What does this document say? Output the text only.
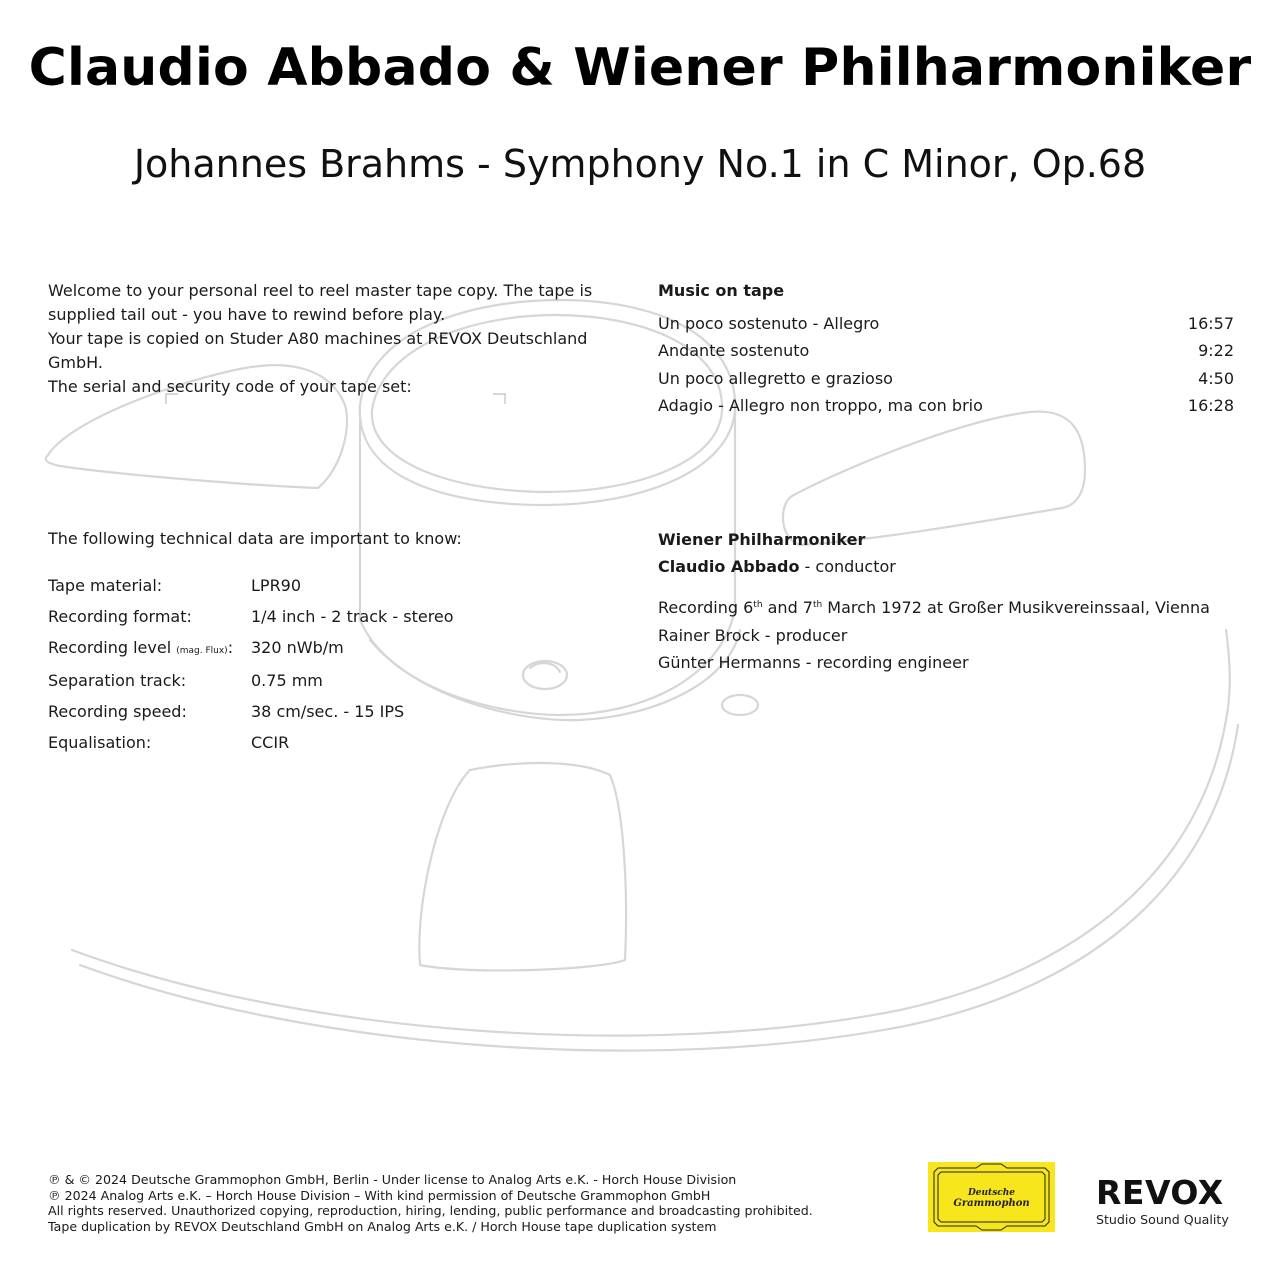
Claudio Abbado & Wiener Philharmoniker
Johannes Brahms - Symphony No.1 in C Minor, Op.68

Welcome to your personal reel to reel master tape copy. The tape is supplied tail out - you have to rewind before play.

Your tape is copied on Studer A80 machines at REVOX Deutschland GmbH.

The serial and security code of your tape set:

Music on tape
Un poco sostenuto - Allegro	16:57
Andante sostenuto	9:22
Un poco allegretto e grazioso	4:50
Adagio - Allegro non troppo, ma con brio	16:28
The following technical data are important to know:
Tape material:	LPR90
Recording format:	1/4 inch - 2 track - stereo
Recording level (mag. Flux):	320 nWb/m
Separation track:	0.75 mm
Recording speed:	38 cm/sec. - 15 IPS
Equalisation:	CCIR
Wiener Philharmoniker
Claudio Abbado - conductor
Recording 6th and 7th March 1972 at Großer Musikvereinssaal, Vienna
Rainer Brock - producer
Günter Hermanns - recording engineer
℗ & © 2024 Deutsche Grammophon GmbH, Berlin - Under license to Analog Arts e.K. - Horch House Division
℗ 2024 Analog Arts e.K. – Horch House Division – With kind permission of Deutsche Grammophon GmbH
All rights reserved. Unauthorized copying, reproduction, hiring, lending, public performance and broadcasting prohibited.
Tape duplication by REVOX Deutschland GmbH on Analog Arts e.K. / Horch House tape duplication system
Deutsche
Grammophon REVOX
Studio Sound Quality
